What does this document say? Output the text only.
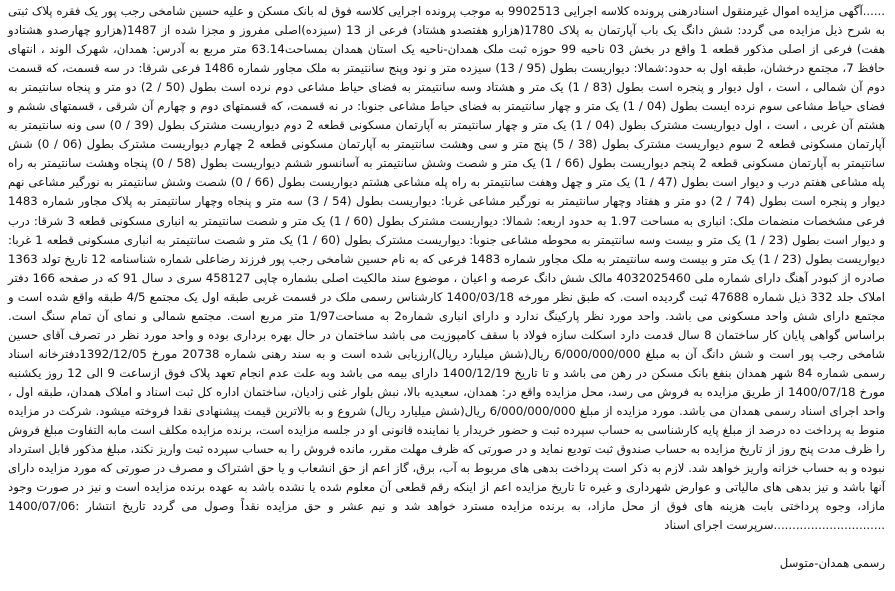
......آگهی مزایده اموال غیرمنقول اسنادرهنی پرونده کلاسه اجرایی 9902513 به موجب پرونده اجرایی کلاسه فوق له بانک مسکن و علیه حسین شامخی رجب پور یک فقره پلاک ثبتی به شرح ذیل مزایده می گردد: شش دانگ یک باب آپارتمان به پلاک 1780(هزارو هفتصدو هشتاد) فرعی از 13 (سیزده)اصلی مفروز و مجزا شده از 1487(هزارو چهارصدو هشتادو هفت) فرعی از اصلی مذکور قطعه 1 واقع در بخش 03 ناحیه 99 حوزه ثبت ملک همدان-ناحیه یک استان همدان بمساحت63.14 متر مربع به آدرس: همدان، شهرک الوند ، انتهای حافظ 7، مجتمع درخشان، طبقه اول به حدود:شمالا: دیواریست بطول (95 / 13) سیزده متر و نود وپنج سانتیمتر به ملک مجاور شماره 1486 فرعی شرقا: در سه قسمت، که قسمت دوم آن شمالی ، است ، اول دیوار و پنجره است بطول (83 / 1) یک متر و هشتاد وسه سانتیمتر به فضای حیاط مشاعی دوم نرده است بطول (50 / 2) دو متر و پنجاه سانتیمتر به فضای حیاط مشاعی سوم نرده ایست بطول (04 / 1) یک متر و چهار سانتیمتر به فضای حیاط مشاعی جنوبا: در نه قسمت، که قسمتهای دوم و چهارم آن شرقی ، قسمتهای ششم و هشتم آن غربی ، است ، اول دیواریست مشترک بطول (04 / 1) یک متر و چهار سانتیمتر به آپارتمان مسکونی قطعه 2 دوم دیواریست مشترک بطول (39 / 0) سی ونه سانتیمتر به آپارتمان مسکونی قطعه 2 سوم دیواریست مشترک بطول (38 / 5) پنج متر و سی وهشت سانتیمتر به آپارتمان مسکونی قطعه 2 چهارم دیواریست مشترک بطول (06 / 0) شش سانتیمتر به آپارتمان مسکونی قطعه 2 پنجم دیواریست بطول (66 / 1) یک متر و شصت وشش سانتیمتر به آسانسور ششم دیواریست بطول (58 / 0) پنجاه وهشت سانتیمتر به راه پله مشاعی هفتم درب و دیوار است بطول (47 / 1) یک متر و چهل وهفت سانتیمتر به راه پله مشاعی هشتم دیواریست بطول (66 / 0) شصت وشش سانتیمتر به نورگیر مشاعی نهم دیوار و پنجره است بطول (74 / 2) دو متر و هفتاد وچهار سانتیمتر به نورگیر مشاعی غربا: دیواریست بطول (54 / 3) سه متر و پنجاه وچهار سانتیمتر به پلاک مجاور شماره 1483 فرعی مشخصات منضمات ملک: انباری به مساحت 1.97 به حدود اربعه: شمالا: دیواریست مشترک بطول (60 / 1) یک متر و شصت سانتیمتر به انباری مسکونی قطعه 3 شرقا: درب و دیوار است بطول (23 / 1) یک متر و بیست وسه سانتیمتر به محوطه مشاعی جنوبا: دیواریست مشترک بطول (60 / 1) یک متر و شصت سانتیمتر به انباری مسکونی قطعه 1 غربا: دیواریست بطول (23 / 1) یک متر و بیست وسه سانتیمتر به ملک مجاور شماره 1483 فرعی که به نام حسین شامخی رجب پور فرزند رضاعلی شماره شناسنامه 12 تاریخ تولد 1363 صادره از کبودر آهنگ دارای شماره ملی 4032025460 مالک شش دانگ عرصه و اعیان ، موضوع سند مالکیت اصلی بشماره چاپی 458127 سری د سال 91 که در صفحه 166 دفتر املاک جلد 332 ذیل شماره 47688 ثبت گردیده است. که طبق نظر مورخه 1400/03/18 کارشناس رسمی ملک در قسمت غربی طبقه اول یک مجتمع 4/5 طبقه واقع شده است و مجتمع دارای شش واحد مسکونی می باشد. واحد مورد نظر پارکینگ ندارد و دارای انباری شماره2 به مساحت1/97 متر مربع است. مجتمع شمالی و نمای آن تمام سنگ است. براساس گواهی پایان کار ساختمان 8 سال قدمت دارد اسکلت سازه فولاد با سقف کامپوزیت می باشد ساختمان در حال بهره برداری بوده و واحد مورد نظر در تصرف آقای حسین شامخی رجب پور است و شش دانگ آن به مبلغ 6/000/000/000 ریال(شش میلیارد ریال)ارزیابی شده است و به سند رهنی شماره 20738 مورخ 1392/12/05دفترخانه اسناد رسمی شماره 84 شهر همدان بنفع بانک مسکن در رهن می باشد و تا تاریخ 1400/12/19 دارای بیمه می باشد وبه علت عدم انجام تعهد پلاک فوق ازساعت 9 الی 12 روز یکشنبه مورخ 1400/07/18 از طریق مزایده به فروش می رسد، محل مزایده واقع در: همدان، سعیدیه بالا، نبش بلوار غنی زادیان، ساختمان اداره کل ثبت اسناد و املاک همدان، طبقه اول ، واحد اجرای اسناد رسمی همدان می باشد. مورد مزایده از مبلغ 6/000/000/000 ریال(شش میلیارد ریال) شروع و به بالاترین قیمت پیشنهادی نقدا فروخته میشود. شرکت در مزایده منوط به پرداخت ده درصد از مبلغ پایه کارشناسی به حساب سپرده ثبت و حضور خریدار یا نماینده قانونی او در جلسه مزایده است، برنده مزایده مکلف است مابه التفاوت مبلغ فروش را ظرف مدت پنج روز از تاریخ مزایده به حساب صندوق ثبت تودیع نماید و در صورتی که ظرف مهلت مقرر، مانده فروش را به حساب سپرده ثبت واریز نکند، مبلغ مذکور قابل استرداد نبوده و به حساب خزانه واریز خواهد شد. لازم به ذکر است پرداخت بدهی های مربوط به آب، برق، گاز اعم از حق انشعاب و یا حق اشتراک و مصرف در صورتی که مورد مزایده دارای آنها باشد و نیز بدهی های مالیاتی و عوارض شهرداری و غیره تا تاریخ مزایده اعم از اینکه رقم قطعی آن معلوم شده یا نشده باشد به عهده برنده مزایده است و نیز در صورت وجود مازاد، وجوه پرداختی بابت هزینه های فوق از محل مازاد، به برنده مزایده مسترد خواهد شد و نیم عشر و حق مزایده نقداً وصول می گردد تاریخ انتشار :1400/07/06 ..............................سرپرست اجرای اسناد
رسمی همدان-متوسل
